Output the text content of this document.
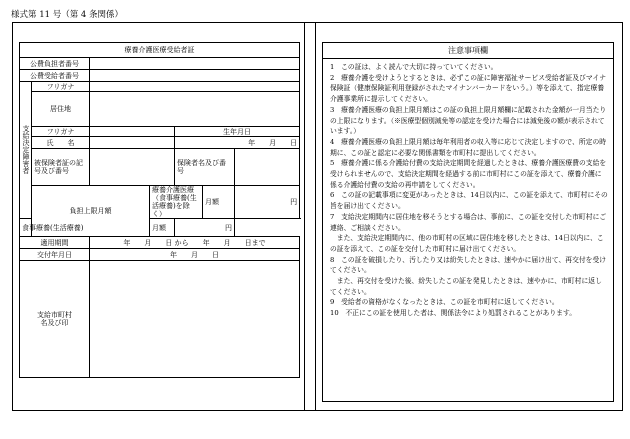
様式第 11 号（第 4 条関係）
療養介護医療受給者証						
公費負担者番号						
公費受給者番号						
支給決定障害者	フリガナ					
	居住地					
	フリガナ			生年月日		
	氏　　名			年　　月　　日		
	被保険者証の記号及び番号			保険者名及び番号		
	負担上限月額		療養介護医療（食事療養(生活療養)を除く）		月額	円
食事療養(生活療養)			月額	円		
適用期間		年　　月　　日 から　　年　　月　　日まで				
交付年月日		年　　月　　日				
支給市町村名及び印						
注意事項欄

1　この証は、よく読んで大切に持っていてください。

2　療養介護を受けようとするときは、必ずこの証に障害福祉サービス受給者証及びマイナ保険証（健康保険証利用登録がされたマイナンバーカードをいう。）等を添えて、指定療養介護事業所に提示してください。

3　療養介護医療の負担上限月額はこの証の負担上限月額欄に記載された金額が一月当たりの上限になります。（※医療型個別減免等の認定を受けた場合には減免後の額が表示されています。）

4　療養介護医療の負担上限月額は毎年利用者の収入等に応じて決定しますので、所定の時期に、この証と認定に必要な関係書類を市町村に提出してください。

5　療養介護に係る介護給付費の支給決定期間を経過したときは、療養介護医療費の支給を受けられませんので、支給決定期間を経過する前に市町村にこの証を添えて、療養介護に係る介護給付費の支給の再申請をしてください。

6　この証の記載事項に変更があったときは、14日以内に、この証を添えて、市町村にその旨を届け出てください。

7　支給決定期間内に居住地を移そうとする場合は、事前に、この証を交付した市町村にご連絡、ご相談ください。

　また、支給決定期間内に、他の市町村の区域に居住地を移したときは、14日以内に、この証を添えて、この証を交付した市町村に届け出てください。

8　この証を破損したり、汚したり又は紛失したときは、速やかに届け出て、再交付を受けてください。

　また、再交付を受けた後、紛失したこの証を発見したときは、速やかに、市町村に返してください。

9　受給者の資格がなくなったときは、この証を市町村に返してください。

10　不正にこの証を使用した者は、関係法令により処罰されることがあります。
